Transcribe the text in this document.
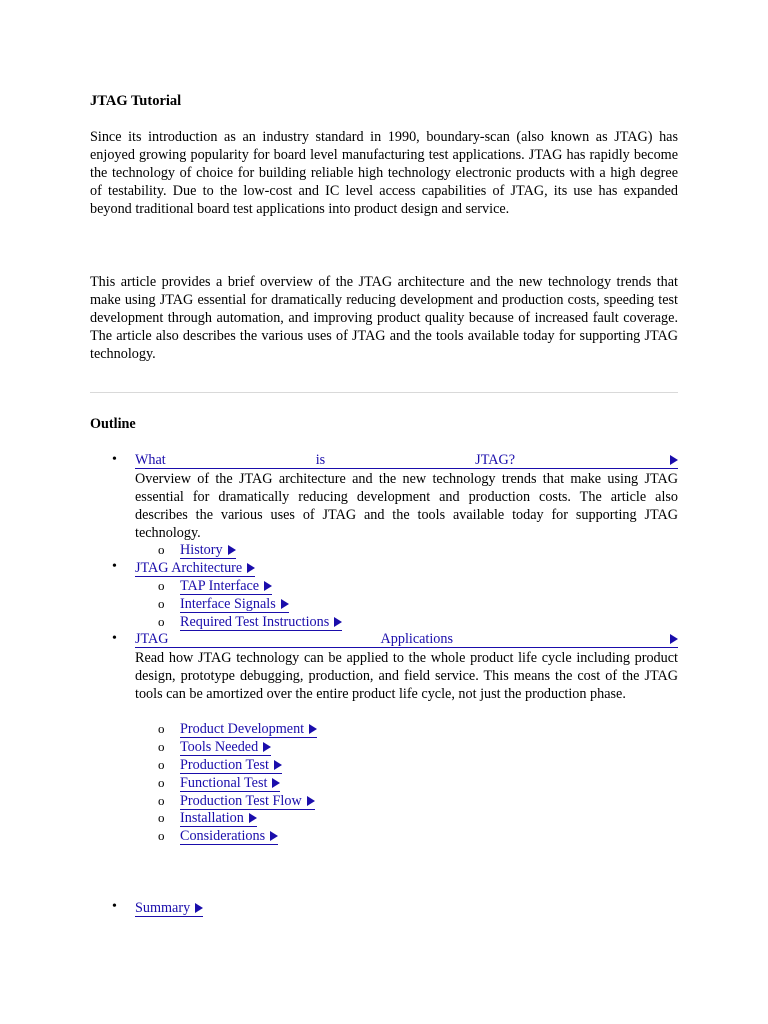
JTAG Tutorial

Since its introduction as an industry standard in 1990, boundary-scan (also known as JTAG) has enjoyed growing popularity for board level manufacturing test applications. JTAG has rapidly become the technology of choice for building reliable high technology electronic products with a high degree of testability. Due to the low-cost and IC level access capabilities of JTAG, its use has expanded beyond traditional board test applications into product design and service.

This article provides a brief overview of the JTAG architecture and the new technology trends that make using JTAG essential for dramatically reducing development and production costs, speeding test development through automation, and improving product quality because of increased fault coverage. The article also describes the various uses of JTAG and the tools available today for supporting JTAG technology.

Outline
• What	is	JTAG?

Overview of the JTAG architecture and the new technology trends that make using JTAG essential for dramatically reducing development and production costs. The article also describes the various uses of JTAG and the tools available today for supporting JTAG technology.

o History
• JTAG Architecture
o TAP Interface
o Interface Signals
o Required Test Instructions
• JTAG	Applications

Read how JTAG technology can be applied to the whole product life cycle including product design, prototype debugging, production, and field service. This means the cost of the JTAG tools can be amortized over the entire product life cycle, not just the production phase.

o Product Development
o Tools Needed
o Production Test
o Functional Test
o Production Test Flow
o Installation
o Considerations
• Summary
